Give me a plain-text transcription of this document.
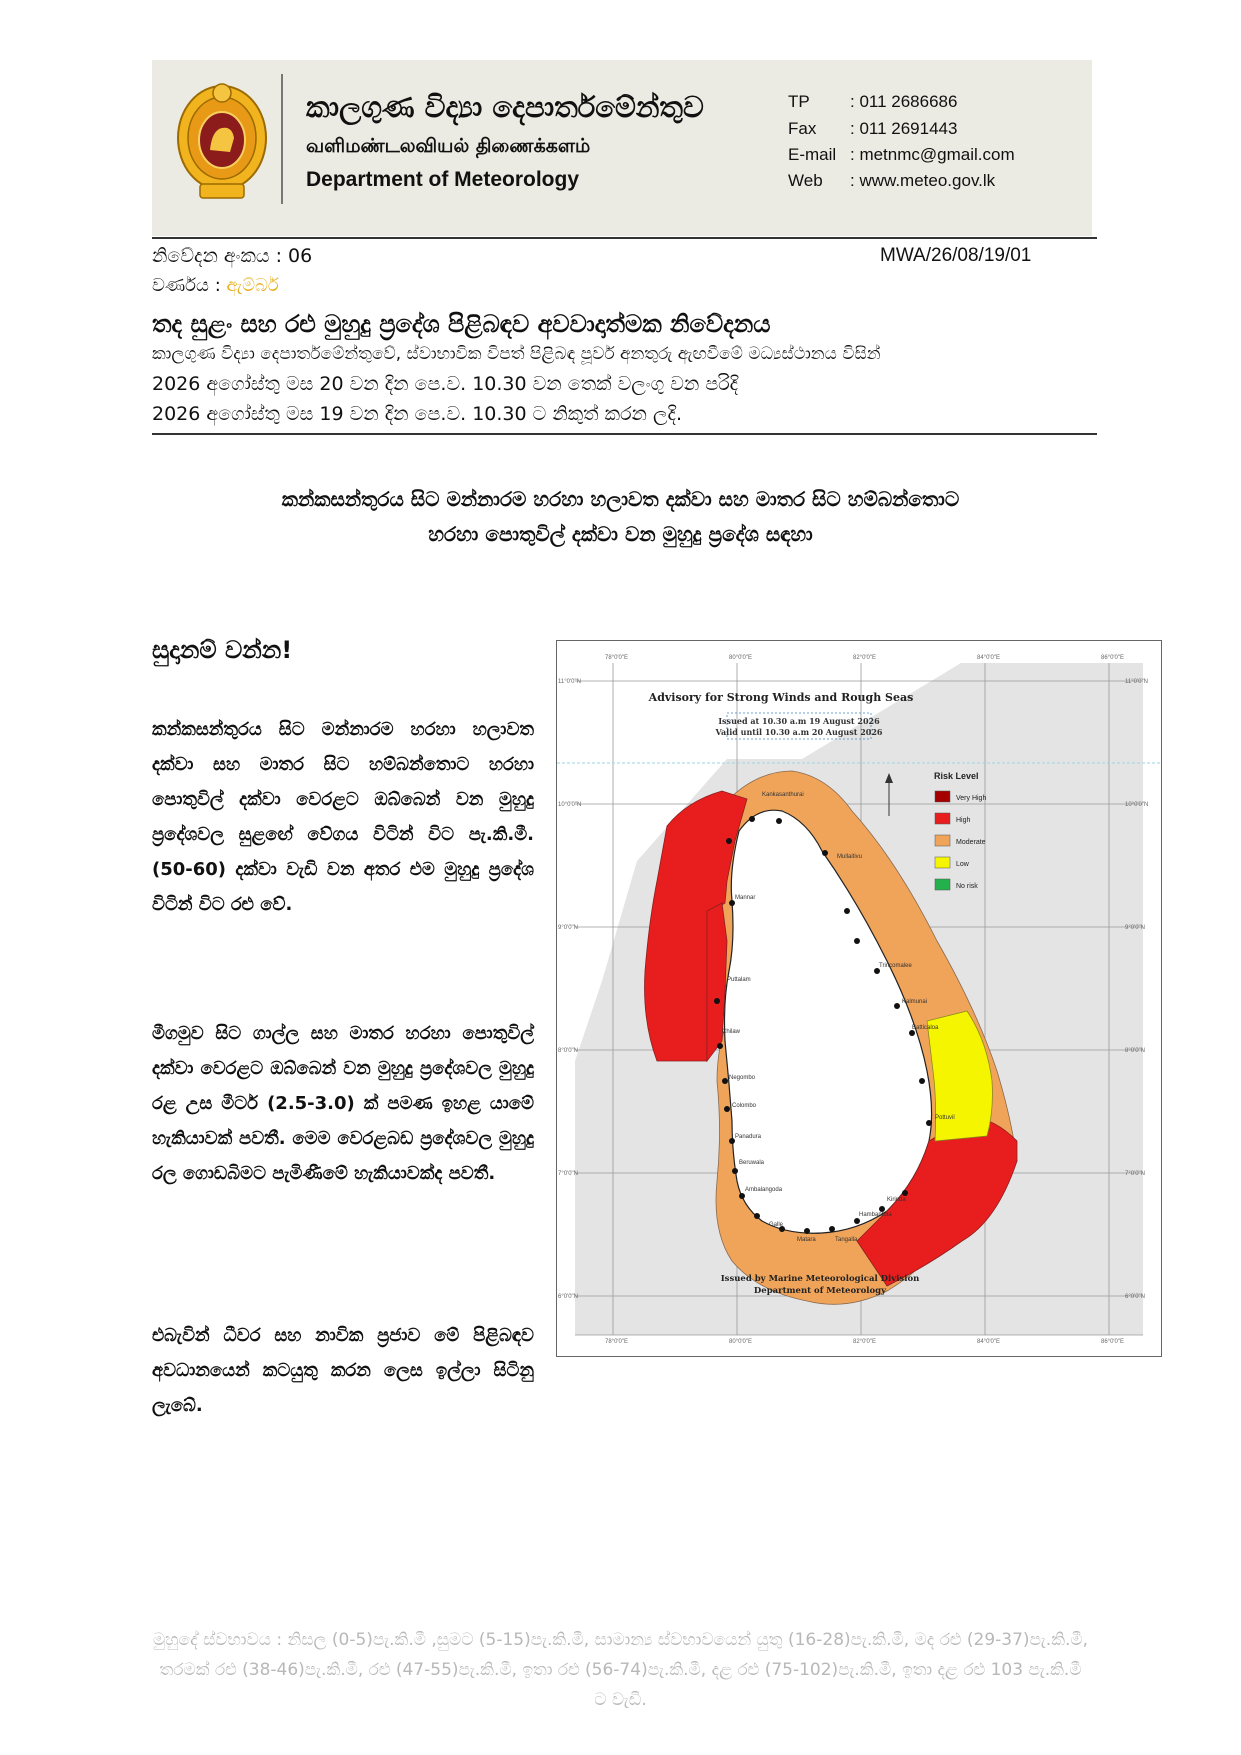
කාලගුණ විද්‍යා දෙපාර්තමේන්තුව
வளிமண்டலவியல் திணைக்களம்
Department of Meteorology
TP : 011 2686686
Fax : 011 2691443
E-mail : metnmc@gmail.com
Web : www.meteo.gov.lk
නිවේදන අංකය : 06	MWA/26/08/19/01
වර්ණය : ඇම්බර්
තද සුළං සහ රළු මුහුදු ප්‍රදේශ පිළිබඳව අවවාදාත්මක නිවේදනය
කාලගුණ විද්‍යා දෙපාර්තමේන්තුවේ, ස්වාභාවික විපත් පිළිබඳ පූර්ව අනතුරු ඇඟවීමේ මධ්‍යස්ථානය විසින්
2026 අගෝස්තු මස 20 වන දින පෙ.ව. 10.30 වන තෙක් වලංගු වන පරිදි
2026 අගෝස්තු මස 19 වන දින පෙ.ව. 10.30 ට නිකුත් කරන ලදි.
කන්කසන්තුරය සිට මන්නාරම හරහා හලාවත දක්වා සහ මාතර සිට හම්බන්තොට
හරහා පොතුවිල් දක්වා වන මුහුදු ප්‍රදේශ සඳහා
සුදානම් වන්න!
කන්කසන්තුරය සිට මන්නාරම හරහා හලාවත දක්වා සහ මාතර සිට හම්බන්තොට හරහා පොතුවිල් දක්වා වෙරළට ඔබ්බෙන් වන මුහුදු ප්‍රදේශවල සුළඟේ වේගය විටින් විට පැ.කි.මී. (50-60) දක්වා වැඩි වන අතර එම මුහුදු ප්‍රදේශ විටින් විට රළු වේ.
මීගමුව සිට ගාල්ල සහ මාතර හරහා පොතුවිල් දක්වා වෙරළට ඔබ්බෙන් වන මුහුදු ප්‍රදේශවල මුහුදු රළ උස මීටර් (2.5-3.0) ක් පමණ ඉහළ යාමේ හැකියාවක් පවතී. මෙම වෙරළබඩ ප්‍රදේශවල මුහුදු රල ගොඩබිමට පැමිණීමේ හැකියාවක්ද පවතී.
එබැවින් ධීවර සහ නාවික ප්‍රජාව මේ පිළිබඳව අවධානයෙන් කටයුතු කරන ලෙස ඉල්ලා සිටිනු ලැබේ.
78°0'0"E	80°0'0"E	82°0'0"E	84°0'0"E	86°0'0"E
78°0'0"E	80°0'0"E	82°0'0"E	84°0'0"E	86°0'0"E
11°0'0"N
10°0'0"N
9°0'0"N
8°0'0"N
7°0'0"N
6°0'0"N
11°0'0"N
10°0'0"N
9°0'0"N
8°0'0"N
7°0'0"N
6°0'0"N
Kankasanthurai
Mullaitivu
Mannar
Trincomalee
Puttalam
Kalmunai
Chilaw
Batticaloa
Pottuvil
Colombo
Negombo
Panadura
Beruwala
Ambalangoda
Galle
Matara
Hambantota
Tangalla
Kirinda
Advisory for Strong Winds and Rough Seas
Issued at 10.30 a.m 19 August 2026
Valid until 10.30 a.m 20 August 2026
Risk Level
Very High
High
Moderate
Low
No risk
Issued by Marine Meteorological Division
Department of Meteorology
මුහුදේ ස්වභාවය : නිසල (0-5)පැ.කි.මී ,සුමට (5-15)පැ.කි.මී, සාමාන්‍ය ස්වභාවයෙන් යුතු (16-28)පැ.කි.මී, මද රළු (29-37)පැ.කි.මී, තරමක් රළු (38-46)පැ.කි.මී, රළු (47-55)පැ.කි.මී, ඉතා රළු (56-74)පැ.කි.මී, දළ රළු (75-102)පැ.කි.මී, ඉතා දළ රළු 103 පැ.කි.මී ට වැඩි.
